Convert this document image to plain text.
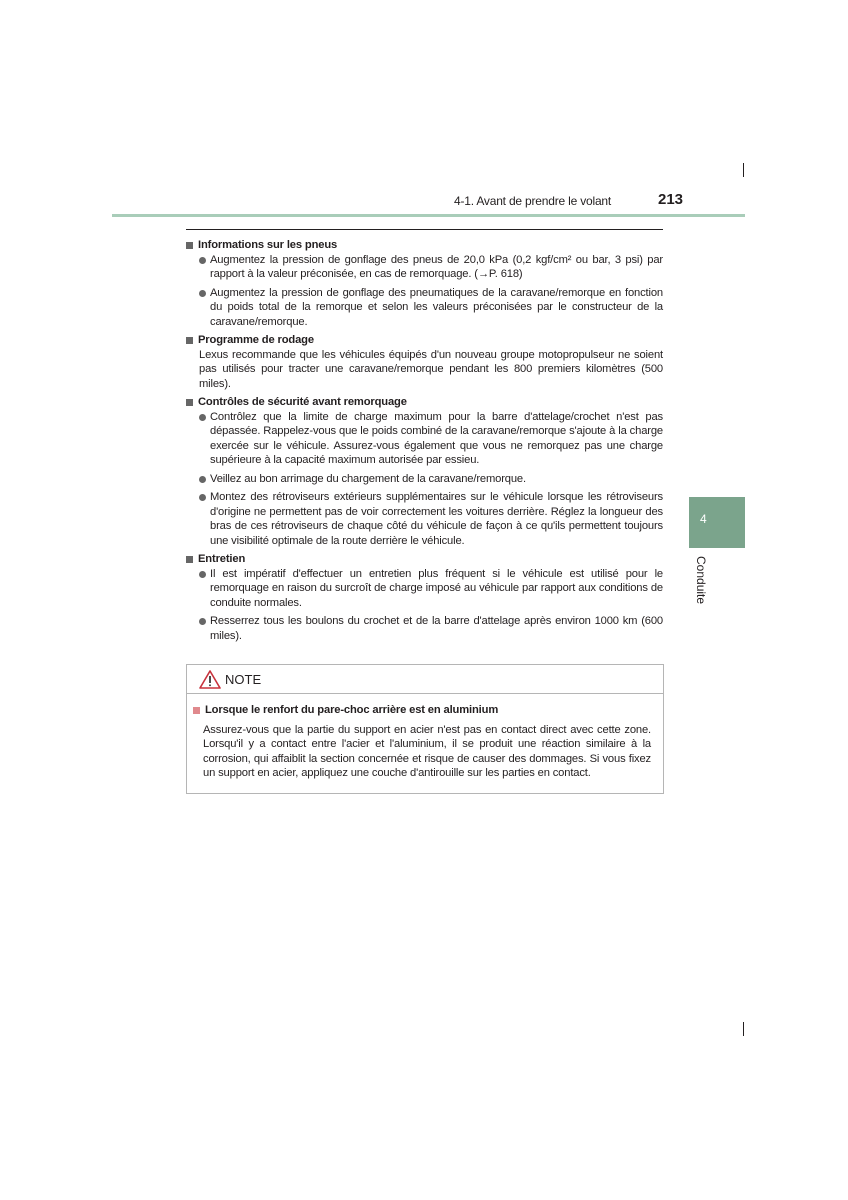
4-1. Avant de prendre le volant	213
4
Conduite
Informations sur les pneus
Augmentez la pression de gonflage des pneus de 20,0 kPa (0,2 kgf/cm² ou bar, 3 psi) par rapport à la valeur préconisée, en cas de remorquage. (→P. 618)
Augmentez la pression de gonflage des pneumatiques de la caravane/remorque en fonction du poids total de la remorque et selon les valeurs préconisées par le constructeur de la caravane/remorque.
Programme de rodage
Lexus recommande que les véhicules équipés d'un nouveau groupe motopropulseur ne soient pas utilisés pour tracter une caravane/remorque pendant les 800 premiers kilomètres (500 miles).
Contrôles de sécurité avant remorquage
Contrôlez que la limite de charge maximum pour la barre d'attelage/crochet n'est pas dépassée. Rappelez-vous que le poids combiné de la caravane/remorque s'ajoute à la charge exercée sur le véhicule. Assurez-vous également que vous ne remorquez pas une charge supérieure à la capacité maximum autorisée par essieu.
Veillez au bon arrimage du chargement de la caravane/remorque.
Montez des rétroviseurs extérieurs supplémentaires sur le véhicule lorsque les rétroviseurs d'origine ne permettent pas de voir correctement les voitures derrière. Réglez la longueur des bras de ces rétroviseurs de chaque côté du véhicule de façon à ce qu'ils permettent toujours une visibilité optimale de la route derrière le véhicule.
Entretien
Il est impératif d'effectuer un entretien plus fréquent si le véhicule est utilisé pour le remorquage en raison du surcroît de charge imposé au véhicule par rapport aux conditions de conduite normales.
Resserrez tous les boulons du crochet et de la barre d'attelage après environ 1000 km (600 miles).
NOTE
Lorsque le renfort du pare-choc arrière est en aluminium
Assurez-vous que la partie du support en acier n'est pas en contact direct avec cette zone. Lorsqu'il y a contact entre l'acier et l'aluminium, il se produit une réaction similaire à la corrosion, qui affaiblit la section concernée et risque de causer des dommages. Si vous fixez un support en acier, appliquez une couche d'antirouille sur les parties en contact.
